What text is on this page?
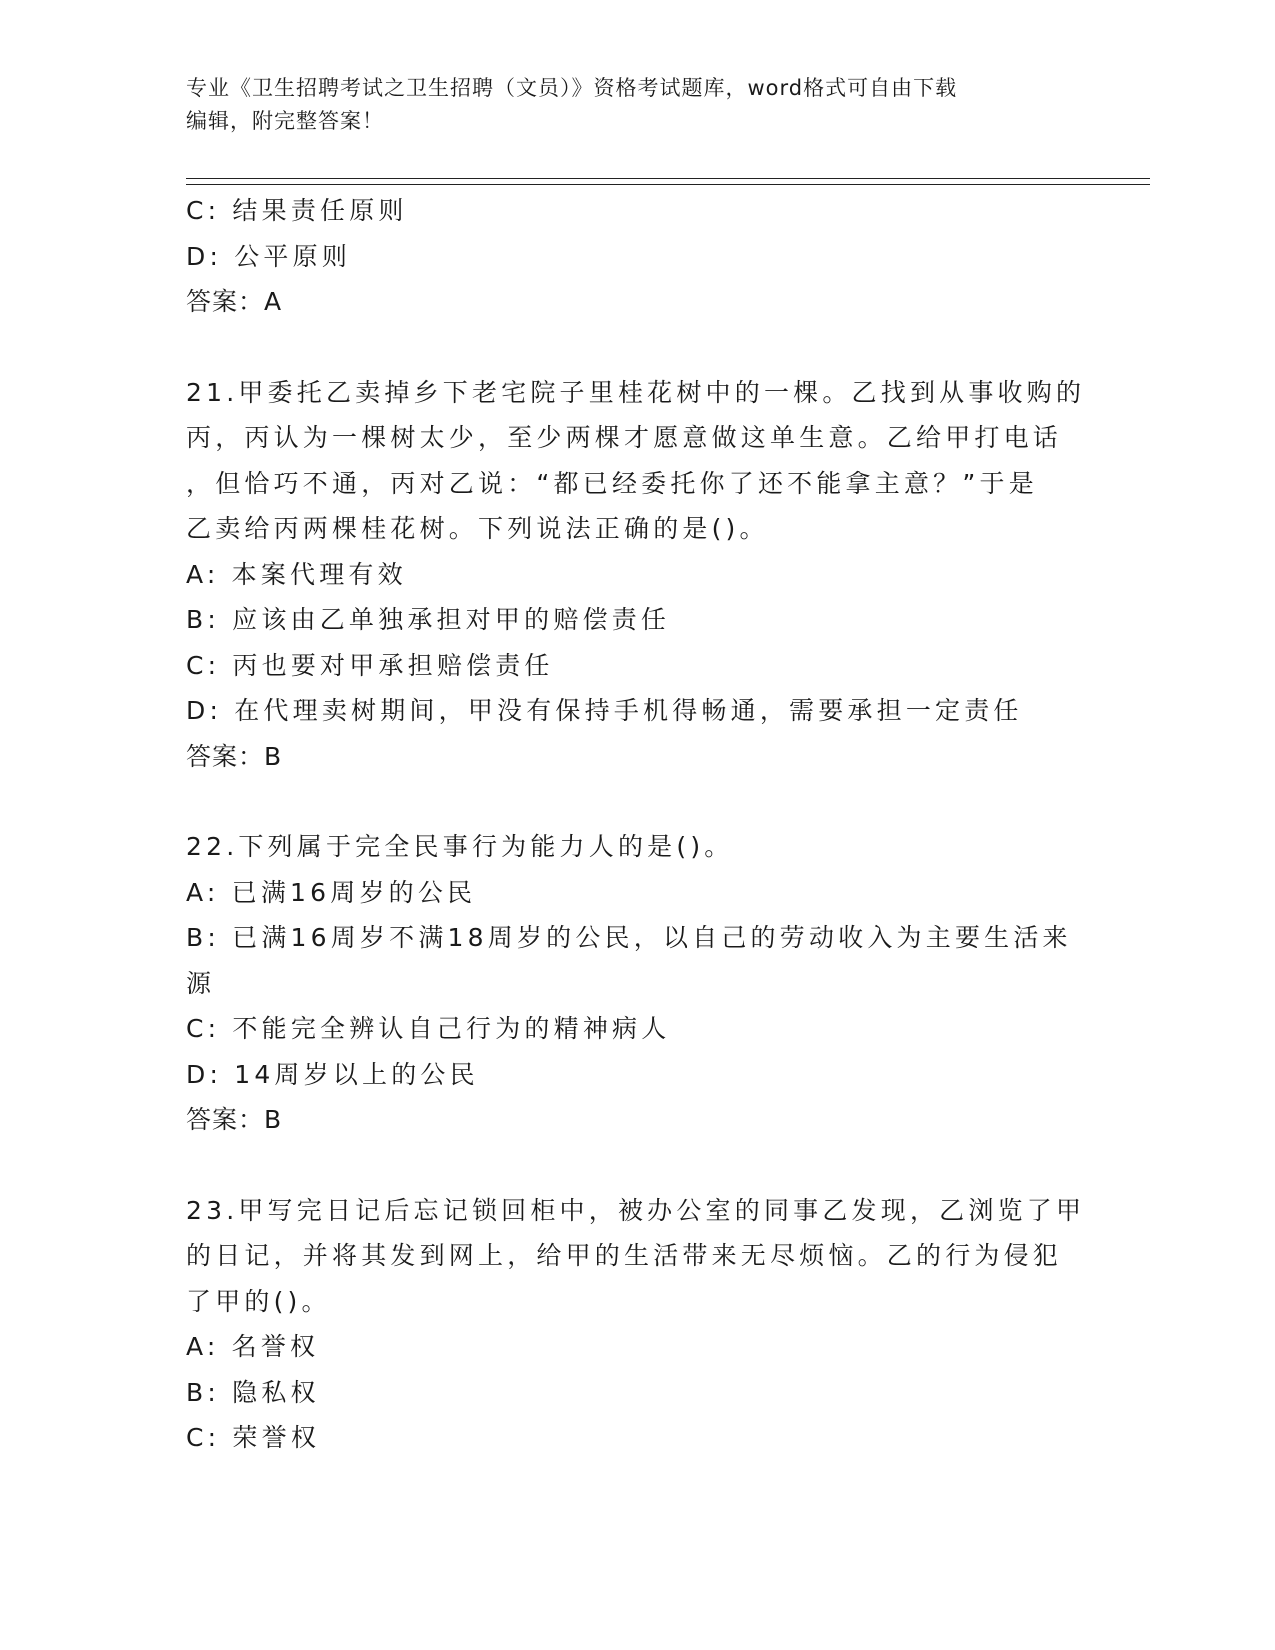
专业《卫生招聘考试之卫生招聘（文员）》资格考试题库，word格式可自由下载
编辑，附完整答案！
C: 结果责任原则
D: 公平原则
答案：A
21.甲委托乙卖掉乡下老宅院子里桂花树中的一棵。乙找到从事收购的
丙，丙认为一棵树太少，至少两棵才愿意做这单生意。乙给甲打电话
，但恰巧不通，丙对乙说：“都已经委托你了还不能拿主意？”于是
乙卖给丙两棵桂花树。下列说法正确的是()。
A: 本案代理有效
B: 应该由乙单独承担对甲的赔偿责任
C: 丙也要对甲承担赔偿责任
D: 在代理卖树期间，甲没有保持手机得畅通，需要承担一定责任
答案：B
22.下列属于完全民事行为能力人的是()。
A: 已满16周岁的公民
B: 已满16周岁不满18周岁的公民，以自己的劳动收入为主要生活来
源
C: 不能完全辨认自己行为的精神病人
D: 14周岁以上的公民
答案：B
23.甲写完日记后忘记锁回柜中，被办公室的同事乙发现，乙浏览了甲
的日记，并将其发到网上，给甲的生活带来无尽烦恼。乙的行为侵犯
了甲的()。
A: 名誉权
B: 隐私权
C: 荣誉权
